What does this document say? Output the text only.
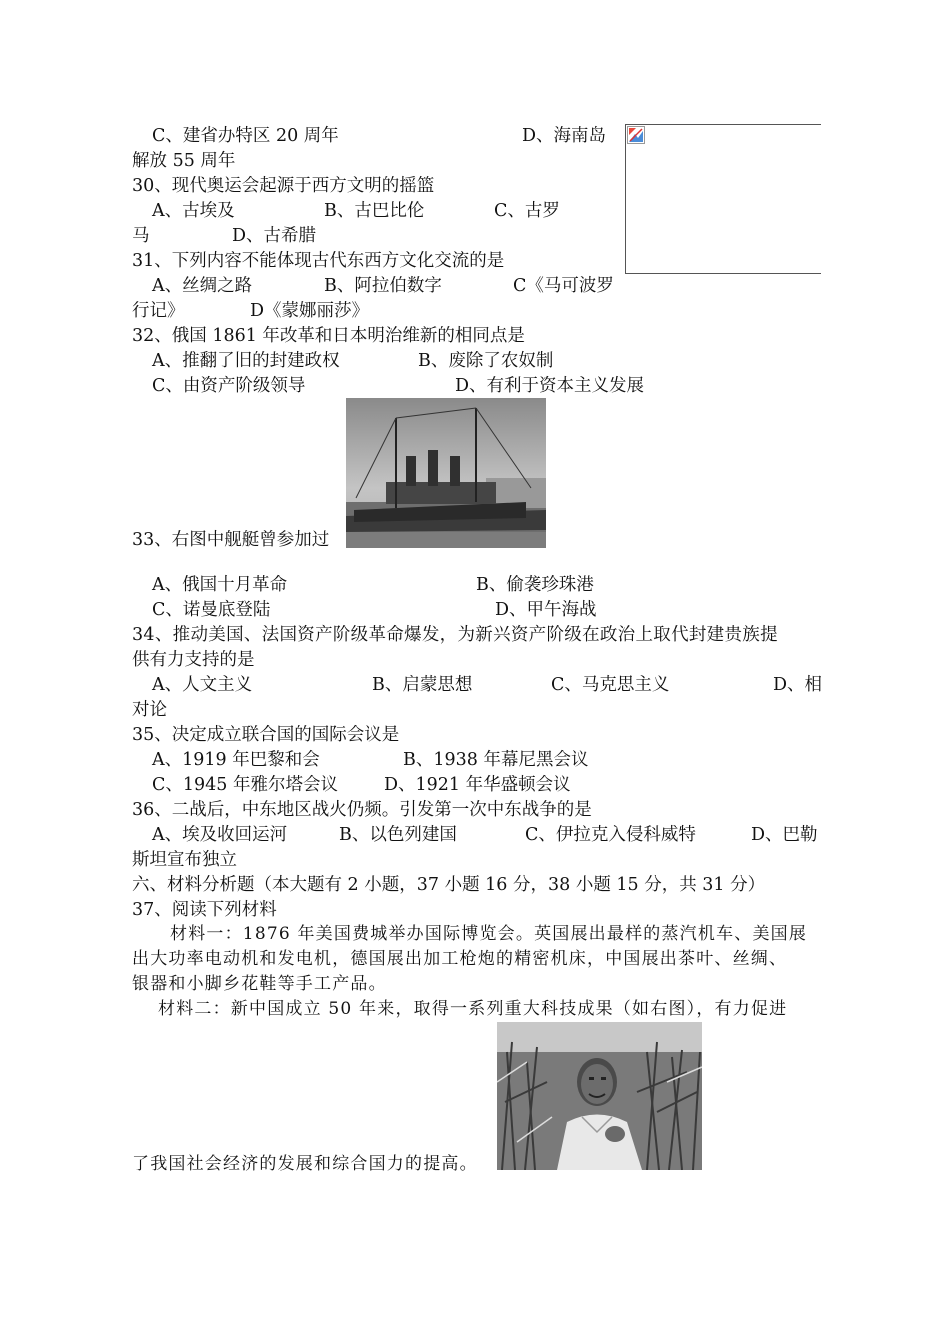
C、建省办特区 20 周年	D、海南岛
解放 55 周年
30、现代奥运会起源于西方文明的摇篮
A、古埃及	B、古巴比伦	C、古罗
马	D、古希腊
31、下列内容不能体现古代东西方文化交流的是
A、丝绸之路	B、阿拉伯数字	C《马可波罗
行记》	D《蒙娜丽莎》
32、俄国 1861 年改革和日本明治维新的相同点是
A、推翻了旧的封建政权	B、废除了农奴制
C、由资产阶级领导	D、有利于资本主义发展
33、右图中舰艇曾参加过
A、俄国十月革命	B、偷袭珍珠港
C、诺曼底登陆	D、甲午海战
34、推动美国、法国资产阶级革命爆发，为新兴资产阶级在政治上取代封建贵族提
供有力支持的是
A、人文主义	B、启蒙思想	C、马克思主义	D、相
对论
35、决定成立联合国的国际会议是
A、1919 年巴黎和会	B、1938 年幕尼黑会议
C、1945 年雅尔塔会议	D、1921 年华盛顿会议
36、二战后，中东地区战火仍频。引发第一次中东战争的是
A、埃及收回运河	B、以色列建国	C、伊拉克入侵科威特	D、巴勒
斯坦宣布独立
六、材料分析题（本大题有 2 小题，37 小题 16 分，38 小题 15 分，共 31 分）
37、阅读下列材料
材料一：1876 年美国费城举办国际博览会。英国展出最样的蒸汽机车、美国展
出大功率电动机和发电机，德国展出加工枪炮的精密机床，中国展出茶叶、丝绸、
银器和小脚乡花鞋等手工产品。
材料二：新中国成立 50 年来，取得一系列重大科技成果（如右图），有力促进
了我国社会经济的发展和综合国力的提高。
